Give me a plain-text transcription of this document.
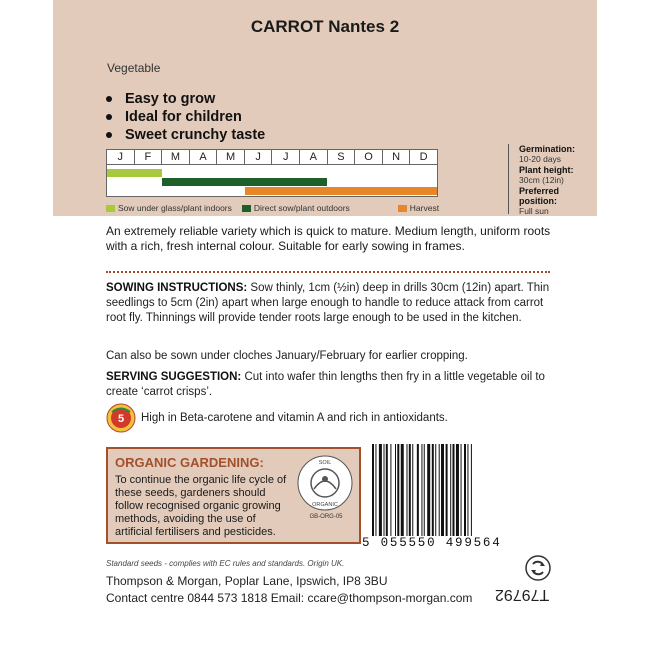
CARROT Nantes 2
Vegetable
Easy to grow
Ideal for children
Sweet crunchy taste
Germination:
10-20 days
Plant height:
30cm (12in)
Preferred position:
Full sun
J	F	M	A	M	J	J	A	S	O	N	D
Sow under glass/plant indoors	Direct sow/plant outdoors	Harvest
An extremely reliable variety which is quick to mature. Medium length, uniform roots with a rich, fresh internal colour. Suitable for early sowing in frames.
SOWING INSTRUCTIONS: Sow thinly, 1cm (½in) deep in drills 30cm (12in) apart. Thin seedlings to 5cm (2in) apart when large enough to handle to reduce attack from carrot root fly. Thinnings will provide tender roots large enough to be used in the kitchen.
Can also be sown under cloches January/February for earlier cropping.
SERVING SUGGESTION: Cut into wafer thin lengths then fry in a little vegetable oil to create ‘carrot crisps’.
5 High in Beta-carotene and vitamin A and rich in antioxidants.
ORGANIC GARDENING:
To continue the organic life cycle of these seeds, gardeners should follow recognised organic growing methods, avoiding the use of artificial fertilisers and pesticides.
SOIL
ORGANIC
GB-ORG-05
5 055550 499564
Standard seeds - complies with EC rules and standards. Origin UK.
Thompson & Morgan, Poplar Lane, Ipswich, IP8 3BU
Contact centre 0844 573 1818 Email: ccare@thompson-morgan.com T79792
